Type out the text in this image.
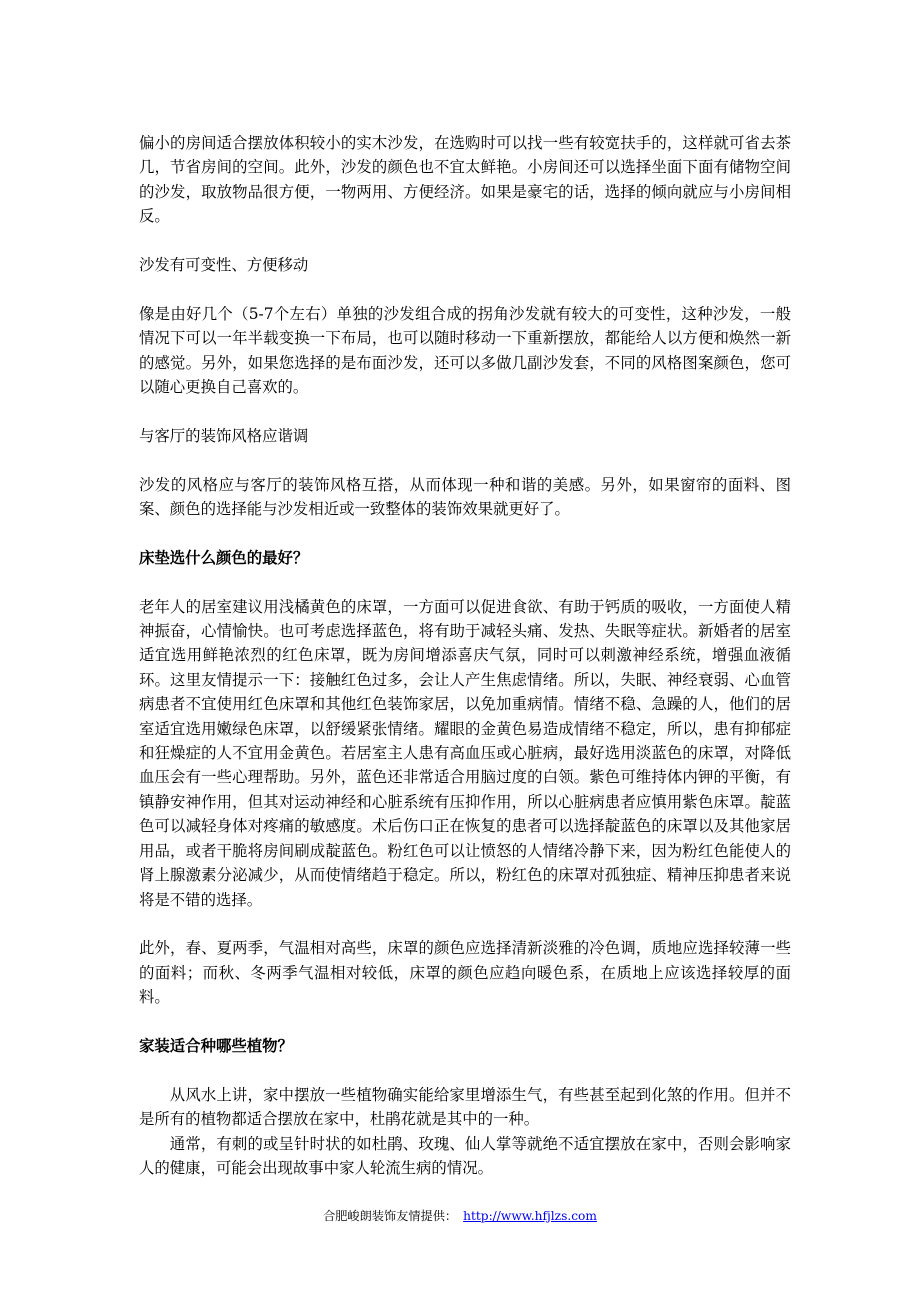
偏小的房间适合摆放体积较小的实木沙发，在选购时可以找一些有较宽扶手的，这样就可省去茶几，节省房间的空间。此外，沙发的颜色也不宜太鲜艳。小房间还可以选择坐面下面有储物空间的沙发，取放物品很方便，一物两用、方便经济。如果是豪宅的话，选择的倾向就应与小房间相反。

沙发有可变性、方便移动

像是由好几个（5-7个左右）单独的沙发组合成的拐角沙发就有较大的可变性，这种沙发，一般情况下可以一年半载变换一下布局，也可以随时移动一下重新摆放，都能给人以方便和焕然一新的感觉。另外，如果您选择的是布面沙发，还可以多做几副沙发套，不同的风格图案颜色，您可以随心更换自己喜欢的。

与客厅的装饰风格应谐调

沙发的风格应与客厅的装饰风格互搭，从而体现一种和谐的美感。另外，如果窗帘的面料、图案、颜色的选择能与沙发相近或一致整体的装饰效果就更好了。

床垫选什么颜色的最好？

老年人的居室建议用浅橘黄色的床罩，一方面可以促进食欲、有助于钙质的吸收，一方面使人精神振奋，心情愉快。也可考虑选择蓝色，将有助于减轻头痛、发热、失眠等症状。新婚者的居室适宜选用鲜艳浓烈的红色床罩，既为房间增添喜庆气氛，同时可以刺激神经系统，增强血液循环。这里友情提示一下：接触红色过多，会让人产生焦虑情绪。所以，失眠、神经衰弱、心血管病患者不宜使用红色床罩和其他红色装饰家居，以免加重病情。情绪不稳、急躁的人，他们的居室适宜选用嫩绿色床罩，以舒缓紧张情绪。耀眼的金黄色易造成情绪不稳定，所以，患有抑郁症和狂燥症的人不宜用金黄色。若居室主人患有高血压或心脏病，最好选用淡蓝色的床罩，对降低血压会有一些心理帮助。另外，蓝色还非常适合用脑过度的白领。紫色可维持体内钾的平衡，有镇静安神作用，但其对运动神经和心脏系统有压抑作用，所以心脏病患者应慎用紫色床罩。靛蓝色可以减轻身体对疼痛的敏感度。术后伤口正在恢复的患者可以选择靛蓝色的床罩以及其他家居用品，或者干脆将房间刷成靛蓝色。粉红色可以让愤怒的人情绪冷静下来，因为粉红色能使人的肾上腺激素分泌减少，从而使情绪趋于稳定。所以，粉红色的床罩对孤独症、精神压抑患者来说将是不错的选择。

此外，春、夏两季，气温相对高些，床罩的颜色应选择清新淡雅的冷色调，质地应选择较薄一些的面料；而秋、冬两季气温相对较低，床罩的颜色应趋向暖色系，在质地上应该选择较厚的面料。

家装适合种哪些植物？

从风水上讲，家中摆放一些植物确实能给家里增添生气，有些甚至起到化煞的作用。但并不是所有的植物都适合摆放在家中，杜鹃花就是其中的一种。

通常，有刺的或呈针时状的如杜鹃、玫瑰、仙人掌等就绝不适宜摆放在家中，否则会影响家人的健康，可能会出现故事中家人轮流生病的情况。

合肥峻朗装饰友情提供： http://www.hfjlzs.com
